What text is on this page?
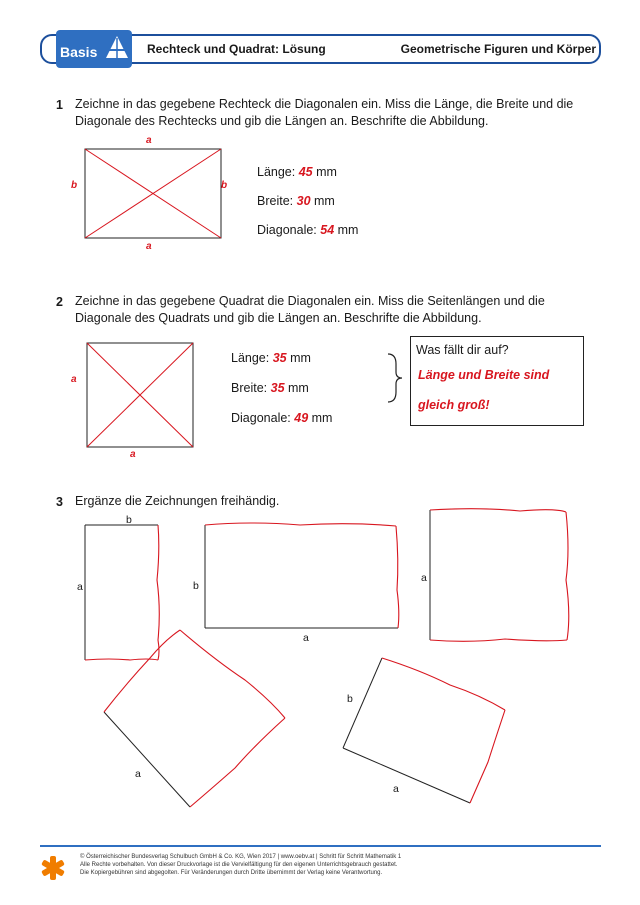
Basis	Rechteck und Quadrat: Lösung	Geometrische Figuren und Körper
1 Zeichne in das gegebene Rechteck die Diagonalen ein. Miss die Länge, die Breite und die Diagonale des Rechtecks und gib die Längen an. Beschrifte die Abbildung.
a
a
b	b
Länge: 45 mm
Breite: 30 mm
Diagonale: 54 mm
2 Zeichne in das gegebene Quadrat die Diagonalen ein. Miss die Seitenlängen und die Diagonale des Quadrats und gib die Längen an. Beschrifte die Abbildung.
a
a
Länge: 35 mm
Breite: 35 mm
Diagonale: 49 mm
Was fällt dir auf?
Länge und Breite sind
gleich groß!
3 Ergänze die Zeichnungen freihändig.
b
a	b
a
a
a
b
a
© Österreichischer Bundesverlag Schulbuch GmbH & Co. KG, Wien 2017 | www.oebv.at | Schritt für Schritt Mathematik 1
Alle Rechte vorbehalten. Von dieser Druckvorlage ist die Vervielfältigung für den eigenen Unterrichtsgebrauch gestattet.
Die Kopiergebühren sind abgegolten. Für Veränderungen durch Dritte übernimmt der Verlag keine Verantwortung.
